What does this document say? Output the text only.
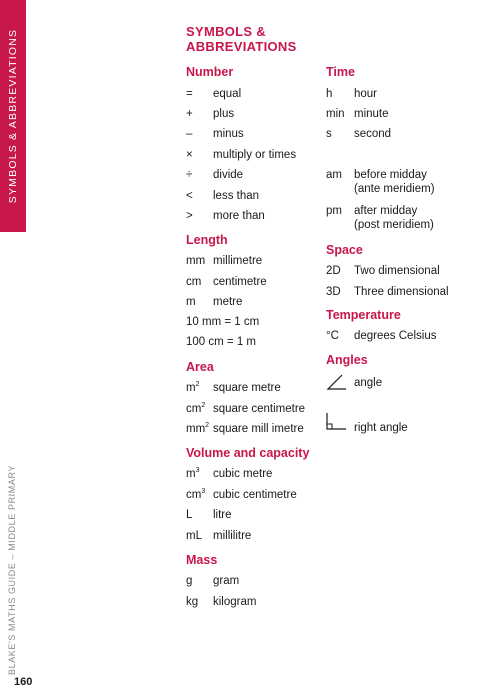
SYMBOLS & ABBREVIATIONS
BLAKE'S MATHS GUIDE – MIDDLE PRIMARY
160
SYMBOLS & ABBREVIATIONS
Number
= equal
+ plus
– minus
× multiply or times
÷ divide
< less than
> more than
Length
mm millimetre
cm centimetre
m metre
10 mm = 1 cm
100 cm = 1 m
Area
$m^2$ square metre
$cm^2$ square centimetre
$mm^2$ square mill imetre
Volume and capacity
$m^3$ cubic metre
$cm^3$ cubic centimetre
L litre
mL millilitre
Mass
g gram
kg kilogram
Time
h hour
min minute
s second
am before midday
(ante meridiem)
pm after midday
(post meridiem)
Space
2D Two dimensional
3D Three dimensional
Temperature
°C degrees Celsius
Angles
angle
right angle
